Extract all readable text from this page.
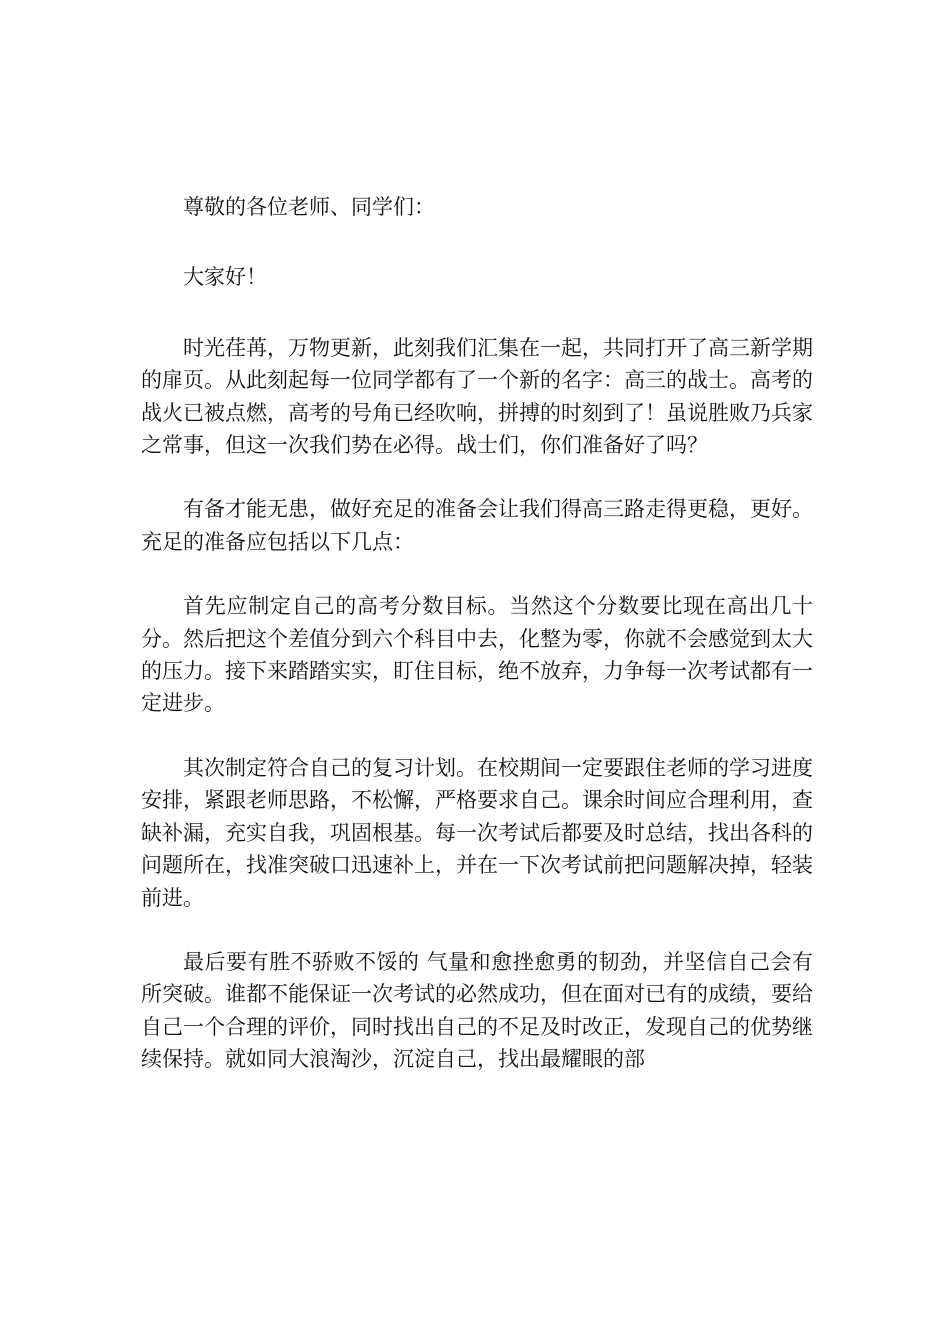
尊敬的各位老师、同学们：

大家好！

时光荏苒，万物更新，此刻我们汇集在一起，共同打开了高三新学期的扉页。从此刻起每一位同学都有了一个新的名字：高三的战士。高考的战火已被点燃，高考的号角已经吹响，拼搏的时刻到了！虽说胜败乃兵家之常事，但这一次我们势在必得。战士们，你们准备好了吗？

有备才能无患，做好充足的准备会让我们得高三路走得更稳，更好。充足的准备应包括以下几点：

首先应制定自己的高考分数目标。当然这个分数要比现在高出几十分。然后把这个差值分到六个科目中去，化整为零，你就不会感觉到太大的压力。接下来踏踏实实，盯住目标，绝不放弃，力争每一次考试都有一定进步。

其次制定符合自己的复习计划。在校期间一定要跟住老师的学习进度安排，紧跟老师思路，不松懈，严格要求自己。课余时间应合理利用，查缺补漏，充实自我，巩固根基。每一次考试后都要及时总结，找出各科的问题所在，找准突破口迅速补上，并在一下次考试前把问题解决掉，轻装前进。

最后要有胜不骄败不馁的 气量和愈挫愈勇的韧劲，并坚信自己会有所突破。谁都不能保证一次考试的必然成功，但在面对已有的成绩，要给自己一个合理的评价，同时找出自己的不足及时改正，发现自己的优势继续保持。就如同大浪淘沙，沉淀自己，找出最耀眼的部
